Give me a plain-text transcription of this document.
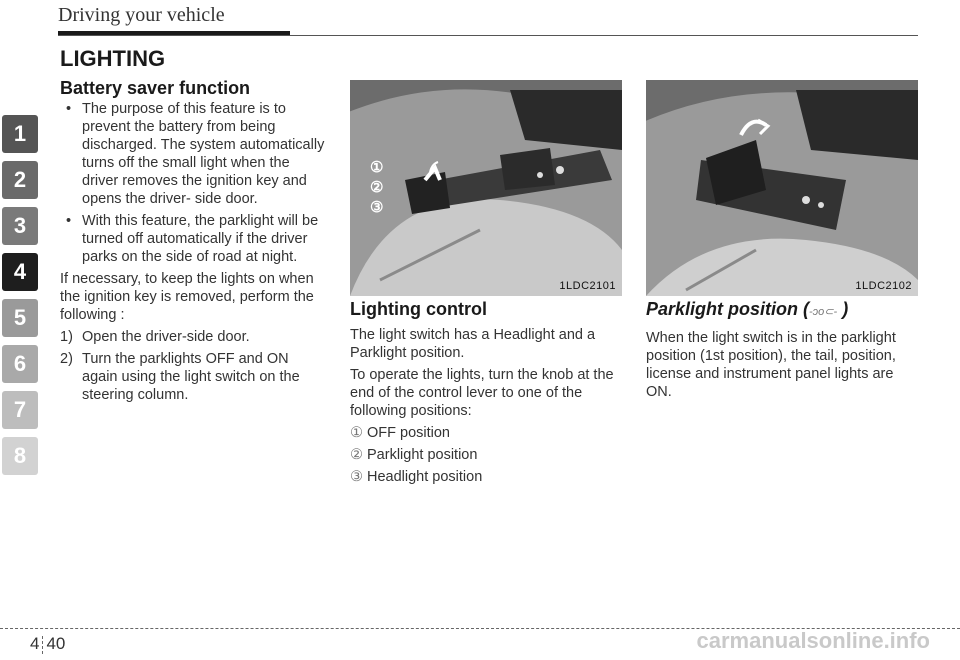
Driving your vehicle
1
2
3
4
5
6
7
8
LIGHTING
Battery saver function
• The purpose of this feature is to prevent the battery from being discharged. The system automatically turns off the small light when the driver removes the ignition key and opens the driver- side door.
• With this feature, the parklight will be turned off automatically if the driver parks on the side of road at night.

If necessary, to keep the lights on when the ignition key is removed, perform the following :

1) Open the driver-side door.
2) Turn the parklights OFF and ON again using the light switch on the steering column.
①
②
③
1LDC2101	1LDC2102
Lighting control

The light switch has a Headlight and a Parklight position.

To operate the lights, turn the knob at the end of the control lever to one of the following positions:

① OFF position
② Parklight position
③ Headlight position
Parklight position (-ɔo⊂- )

When the light switch is in the parklight position (1st position), the tail, position, license and instrument panel lights are ON.

4 40	carmanualsonline.info
